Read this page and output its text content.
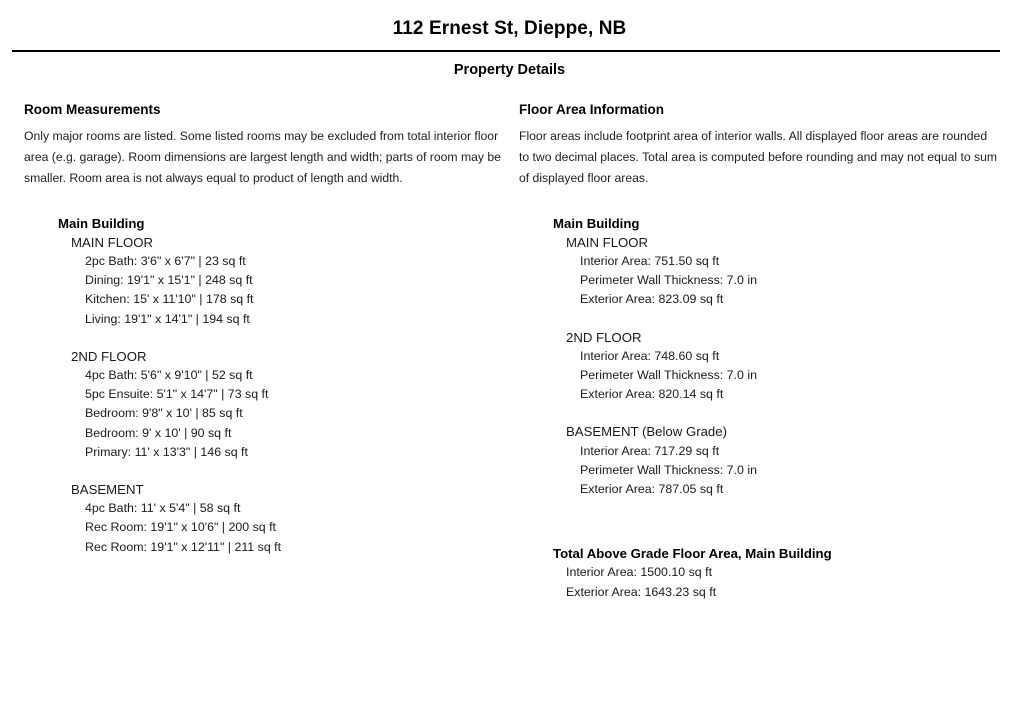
112 Ernest St, Dieppe, NB
Property Details
Room Measurements

Only major rooms are listed. Some listed rooms may be excluded from total interior floor area (e.g. garage). Room dimensions are largest length and width; parts of room may be smaller. Room area is not always equal to product of length and width.

Main Building
MAIN FLOOR
2pc Bath: 3'6" x 6'7" | 23 sq ft
Dining: 19'1" x 15'1" | 248 sq ft
Kitchen: 15' x 11'10" | 178 sq ft
Living: 19'1" x 14'1" | 194 sq ft
2ND FLOOR
4pc Bath: 5'6" x 9'10" | 52 sq ft
5pc Ensuite: 5'1" x 14'7" | 73 sq ft
Bedroom: 9'8" x 10' | 85 sq ft
Bedroom: 9' x 10' | 90 sq ft
Primary: 11' x 13'3" | 146 sq ft
BASEMENT
4pc Bath: 11' x 5'4" | 58 sq ft
Rec Room: 19'1" x 10'6" | 200 sq ft
Rec Room: 19'1" x 12'11" | 211 sq ft
Floor Area Information

Floor areas include footprint area of interior walls. All displayed floor areas are rounded to two decimal places. Total area is computed before rounding and may not equal to sum of displayed floor areas.

Main Building
MAIN FLOOR
Interior Area: 751.50 sq ft
Perimeter Wall Thickness: 7.0 in
Exterior Area: 823.09 sq ft
2ND FLOOR
Interior Area: 748.60 sq ft
Perimeter Wall Thickness: 7.0 in
Exterior Area: 820.14 sq ft
BASEMENT (Below Grade)
Interior Area: 717.29 sq ft
Perimeter Wall Thickness: 7.0 in
Exterior Area: 787.05 sq ft
Total Above Grade Floor Area, Main Building
Interior Area: 1500.10 sq ft
Exterior Area: 1643.23 sq ft
